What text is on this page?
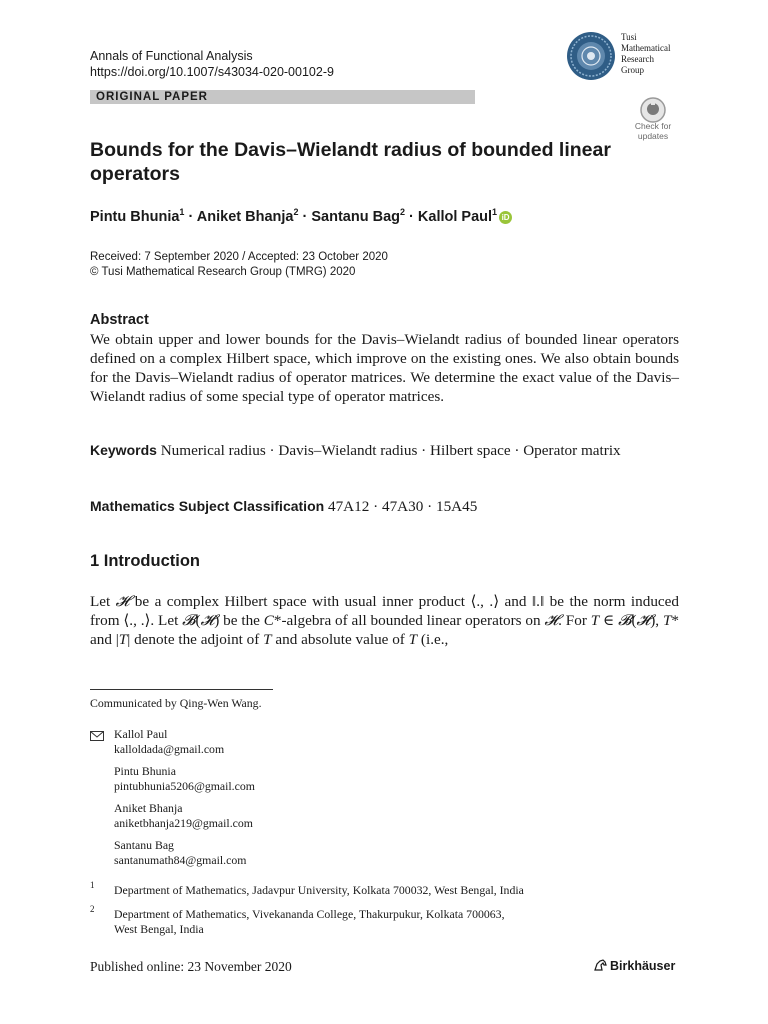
Annals of Functional Analysis
https://doi.org/10.1007/s43034-020-00102-9
Tusi
Mathematical
Research
Group
ORIGINAL PAPER
Check for
updates
Bounds for the Davis–Wielandt radius of bounded linear operators
Pintu Bhunia$^1$ · Aniket Bhanja$^2$ · Santanu Bag$^2$ · Kallol Paul$^1$iD
Received: 7 September 2020 / Accepted: 23 October 2020
© Tusi Mathematical Research Group (TMRG) 2020
Abstract
We obtain upper and lower bounds for the Davis–Wielandt radius of bounded linear operators defined on a complex Hilbert space, which improve on the existing ones. We also obtain bounds for the Davis–Wielandt radius of operator matrices. We determine the exact value of the Davis–Wielandt radius of some special type of operator matrices.
Keywords Numerical radius · Davis–Wielandt radius · Hilbert space · Operator matrix
Mathematics Subject Classification 47A12 · 47A30 · 15A45
1 Introduction
Let 𝓗 be a complex Hilbert space with usual inner product ⟨., .⟩ and ‖.‖ be the norm induced from ⟨., .⟩. Let 𝓑(𝓗) be the C*-algebra of all bounded linear operators on 𝓗. For T ∈ 𝓑(𝓗), T* and |T| denote the adjoint of T and absolute value of T (i.e.,
Communicated by Qing-Wen Wang.
Kallol Paul
kalloldada@gmail.com
Pintu Bhunia
pintubhunia5206@gmail.com
Aniket Bhanja
aniketbhanja219@gmail.com
Santanu Bag
santanumath84@gmail.com
1 Department of Mathematics, Jadavpur University, Kolkata 700032, West Bengal, India
2 Department of Mathematics, Vivekananda College, Thakurpukur, Kolkata 700063,
West Bengal, India
Published online: 23 November 2020	Birkhäuser
